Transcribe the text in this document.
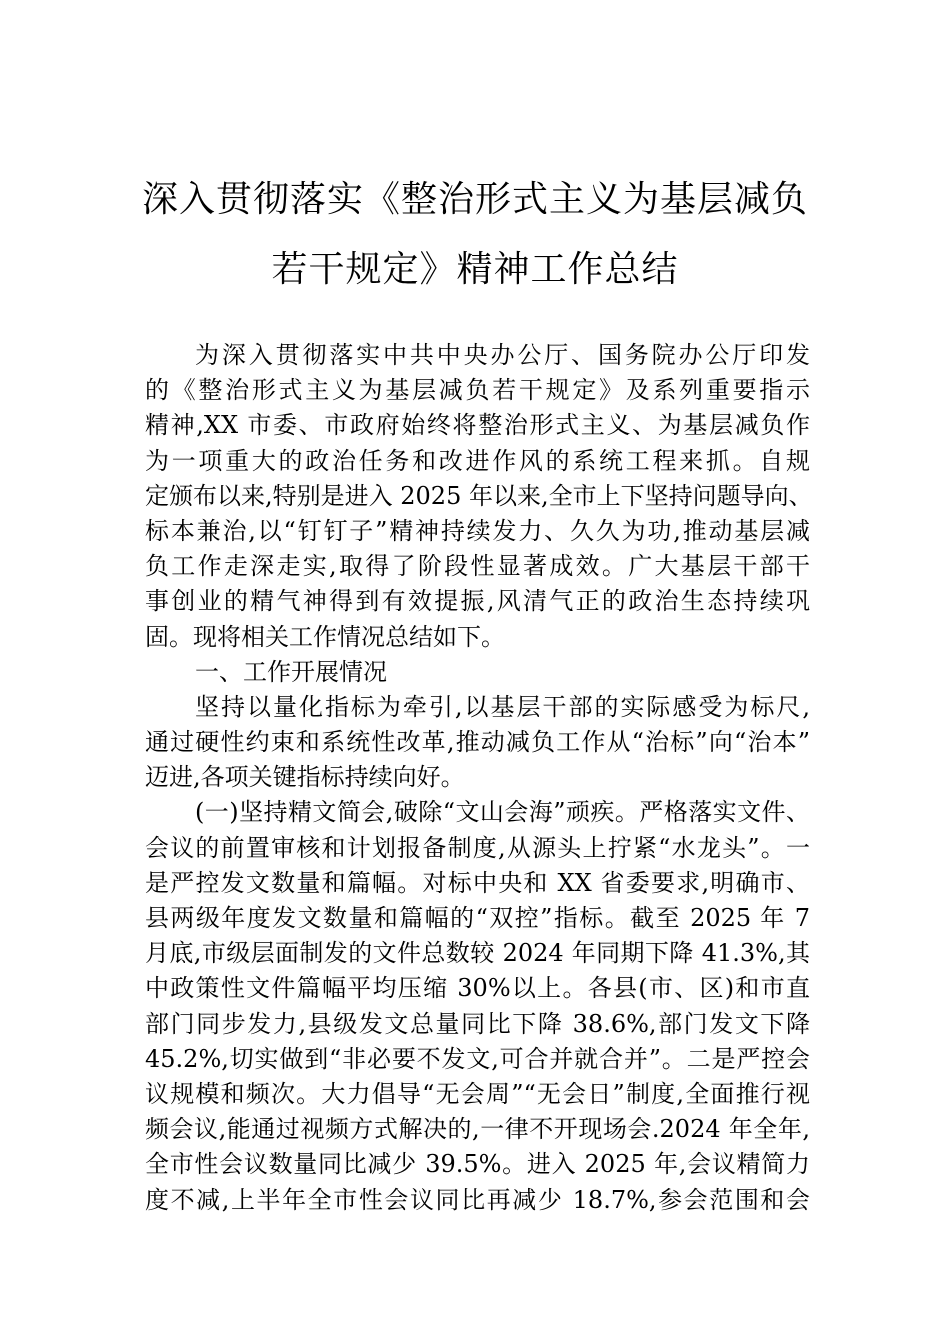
深入贯彻落实《整治形式主义为基层减负
若干规定》精神工作总结
为深入贯彻落实中共中央办公厅、国务院办公厅印发
的《整治形式主义为基层减负若干规定》及系列重要指示
精神,XX 市委、市政府始终将整治形式主义、为基层减负作
为一项重大的政治任务和改进作风的系统工程来抓。自规
定颁布以来,特别是进入 2025 年以来,全市上下坚持问题导向、
标本兼治,以“钉钉子”精神持续发力、久久为功,推动基层减
负工作走深走实,取得了阶段性显著成效。广大基层干部干
事创业的精气神得到有效提振,风清气正的政治生态持续巩
固。现将相关工作情况总结如下。
一、工作开展情况
坚持以量化指标为牵引,以基层干部的实际感受为标尺,
通过硬性约束和系统性改革,推动减负工作从“治标”向“治本”
迈进,各项关键指标持续向好。
(一)坚持精文简会,破除“文山会海”顽疾。严格落实文件、
会议的前置审核和计划报备制度,从源头上拧紧“水龙头”。一
是严控发文数量和篇幅。对标中央和 XX 省委要求,明确市、
县两级年度发文数量和篇幅的“双控”指标。截至 2025 年 7
月底,市级层面制发的文件总数较 2024 年同期下降 41.3%,其
中政策性文件篇幅平均压缩 30%以上。各县(市、区)和市直
部门同步发力,县级发文总量同比下降 38.6%,部门发文下降
45.2%,切实做到“非必要不发文,可合并就合并”。二是严控会
议规模和频次。大力倡导“无会周”“无会日”制度,全面推行视
频会议,能通过视频方式解决的,一律不开现场会.2024 年全年,
全市性会议数量同比减少 39.5%。进入 2025 年,会议精简力
度不减,上半年全市性会议同比再减少 18.7%,参会范围和会
